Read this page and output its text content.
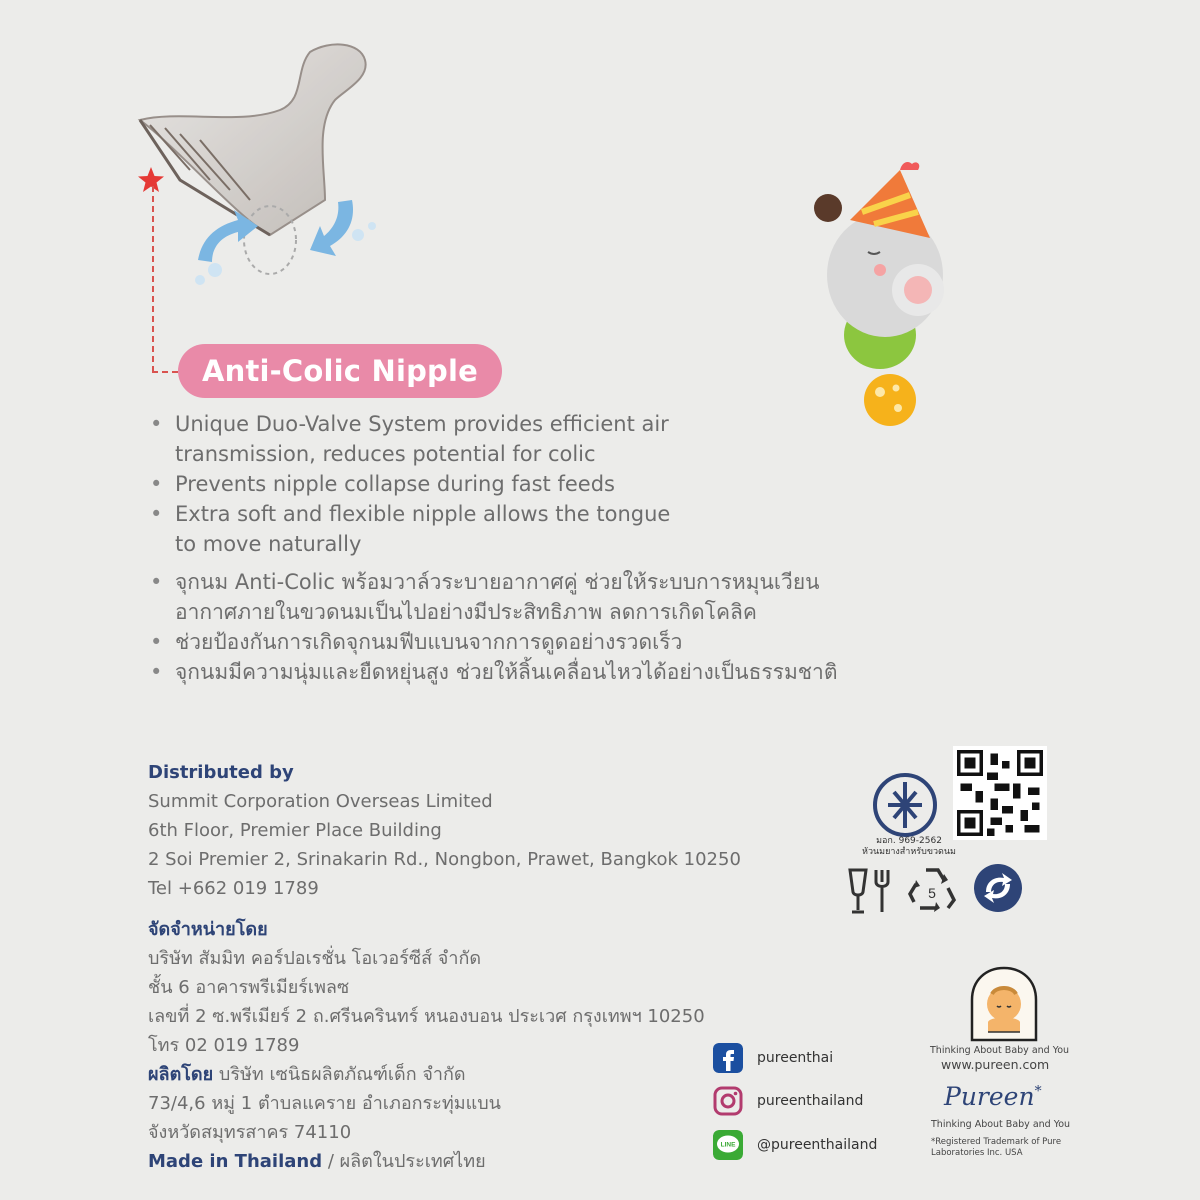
Anti-Colic Nipple
• Unique Duo-Valve System provides efficient air transmission, reduces potential for colic
• Prevents nipple collapse during fast feeds
• Extra soft and flexible nipple allows the tongue to move naturally
• จุกนม Anti-Colic พร้อมวาล์วระบายอากาศคู่ ช่วยให้ระบบการหมุนเวียนอากาศภายในขวดนมเป็นไปอย่างมีประสิทธิภาพ ลดการเกิดโคลิค
• ช่วยป้องกันการเกิดจุกนมฟีบแบนจากการดูดอย่างรวดเร็ว
• จุกนมมีความนุ่มและยืดหยุ่นสูง ช่วยให้ลิ้นเคลื่อนไหวได้อย่างเป็นธรรมชาติ
Distributed by
Summit Corporation Overseas Limited
6th Floor, Premier Place Building
2 Soi Premier 2, Srinakarin Rd., Nongbon, Prawet, Bangkok 10250
Tel +662 019 1789
จัดจำหน่ายโดย
บริษัท สัมมิท คอร์ปอเรชั่น โอเวอร์ซีส์ จำกัด
ชั้น 6 อาคารพรีเมียร์เพลซ
เลขที่ 2 ซ.พรีเมียร์ 2 ถ.ศรีนครินทร์ หนองบอน ประเวศ กรุงเทพฯ 10250
โทร 02 019 1789
ผลิตโดย บริษัท เซนิธผลิตภัณฑ์เด็ก จำกัด
73/4,6 หมู่ 1 ตำบลแคราย อำเภอกระทุ่มแบน
จังหวัดสมุทรสาคร 74110
Made in Thailand / ผลิตในประเทศไทย
มอก. 969-2562
หัวนมยางสำหรับขวดนม
5
pureenthai
pureenthailand
LINE @pureenthailand
Thinking About Baby and You
www.pureen.com
Pureen*
Thinking About Baby and You
*Registered Trademark of Pure Laboratories Inc. USA
